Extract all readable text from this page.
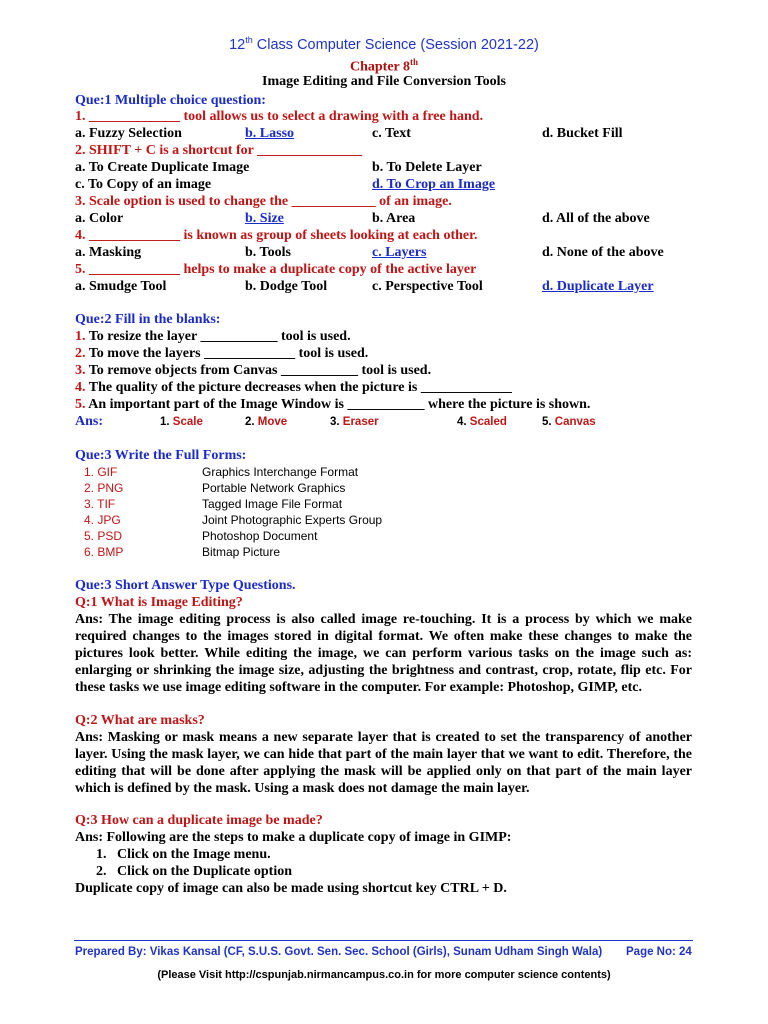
12th Class Computer Science (Session 2021-22)
Chapter 8th
Image Editing and File Conversion Tools
Que:1 Multiple choice question:
1. _____________ tool allows us to select a drawing with a free hand.
a. Fuzzy Selection	b. Lasso	c. Text	d. Bucket Fill
2. SHIFT + C is a shortcut for _______________
a. To Create Duplicate Image	b. To Delete Layer
c. To Copy of an image	d. To Crop an Image
3. Scale option is used to change the ____________ of an image.
a. Color	b. Size	b. Area	d. All of the above
4. _____________ is known as group of sheets looking at each other.
a. Masking	b. Tools	c. Layers	d. None of the above
5. _____________ helps to make a duplicate copy of the active layer
a. Smudge Tool	b. Dodge Tool	c. Perspective Tool	d. Duplicate Layer
Que:2 Fill in the blanks:
1. To resize the layer ___________ tool is used.
2. To move the layers _____________ tool is used.
3. To remove objects from Canvas ___________ tool is used.
4. The quality of the picture decreases when the picture is _____________
5. An important part of the Image Window is ___________ where the picture is shown.
Ans:	1. Scale	2. Move	3. Eraser	4. Scaled	5. Canvas
Que:3 Write the Full Forms:
1. GIF	Graphics Interchange Format
2. PNG	Portable Network Graphics
3. TIF	Tagged Image File Format
4. JPG	Joint Photographic Experts Group
5. PSD	Photoshop Document
6. BMP	Bitmap Picture
Que:3 Short Answer Type Questions.
Q:1 What is Image Editing?
Ans: The image editing process is also called image re-touching. It is a process by which we make required changes to the images stored in digital format. We often make these changes to make the pictures look better. While editing the image, we can perform various tasks on the image such as: enlarging or shrinking the image size, adjusting the brightness and contrast, crop, rotate, flip etc. For these tasks we use image editing software in the computer. For example: Photoshop, GIMP, etc.
Q:2 What are masks?
Ans: Masking or mask means a new separate layer that is created to set the transparency of another layer. Using the mask layer, we can hide that part of the main layer that we want to edit. Therefore, the editing that will be done after applying the mask will be applied only on that part of the main layer which is defined by the mask. Using a mask does not damage the main layer.
Q:3 How can a duplicate image be made?
Ans: Following are the steps to make a duplicate copy of image in GIMP:
1. Click on the Image menu.
2. Click on the Duplicate option
Duplicate copy of image can also be made using shortcut key CTRL + D.
Prepared By: Vikas Kansal (CF, S.U.S. Govt. Sen. Sec. School (Girls), Sunam Udham Singh Wala) Page No: 24
(Please Visit http://cspunjab.nirmancampus.co.in for more computer science contents)
